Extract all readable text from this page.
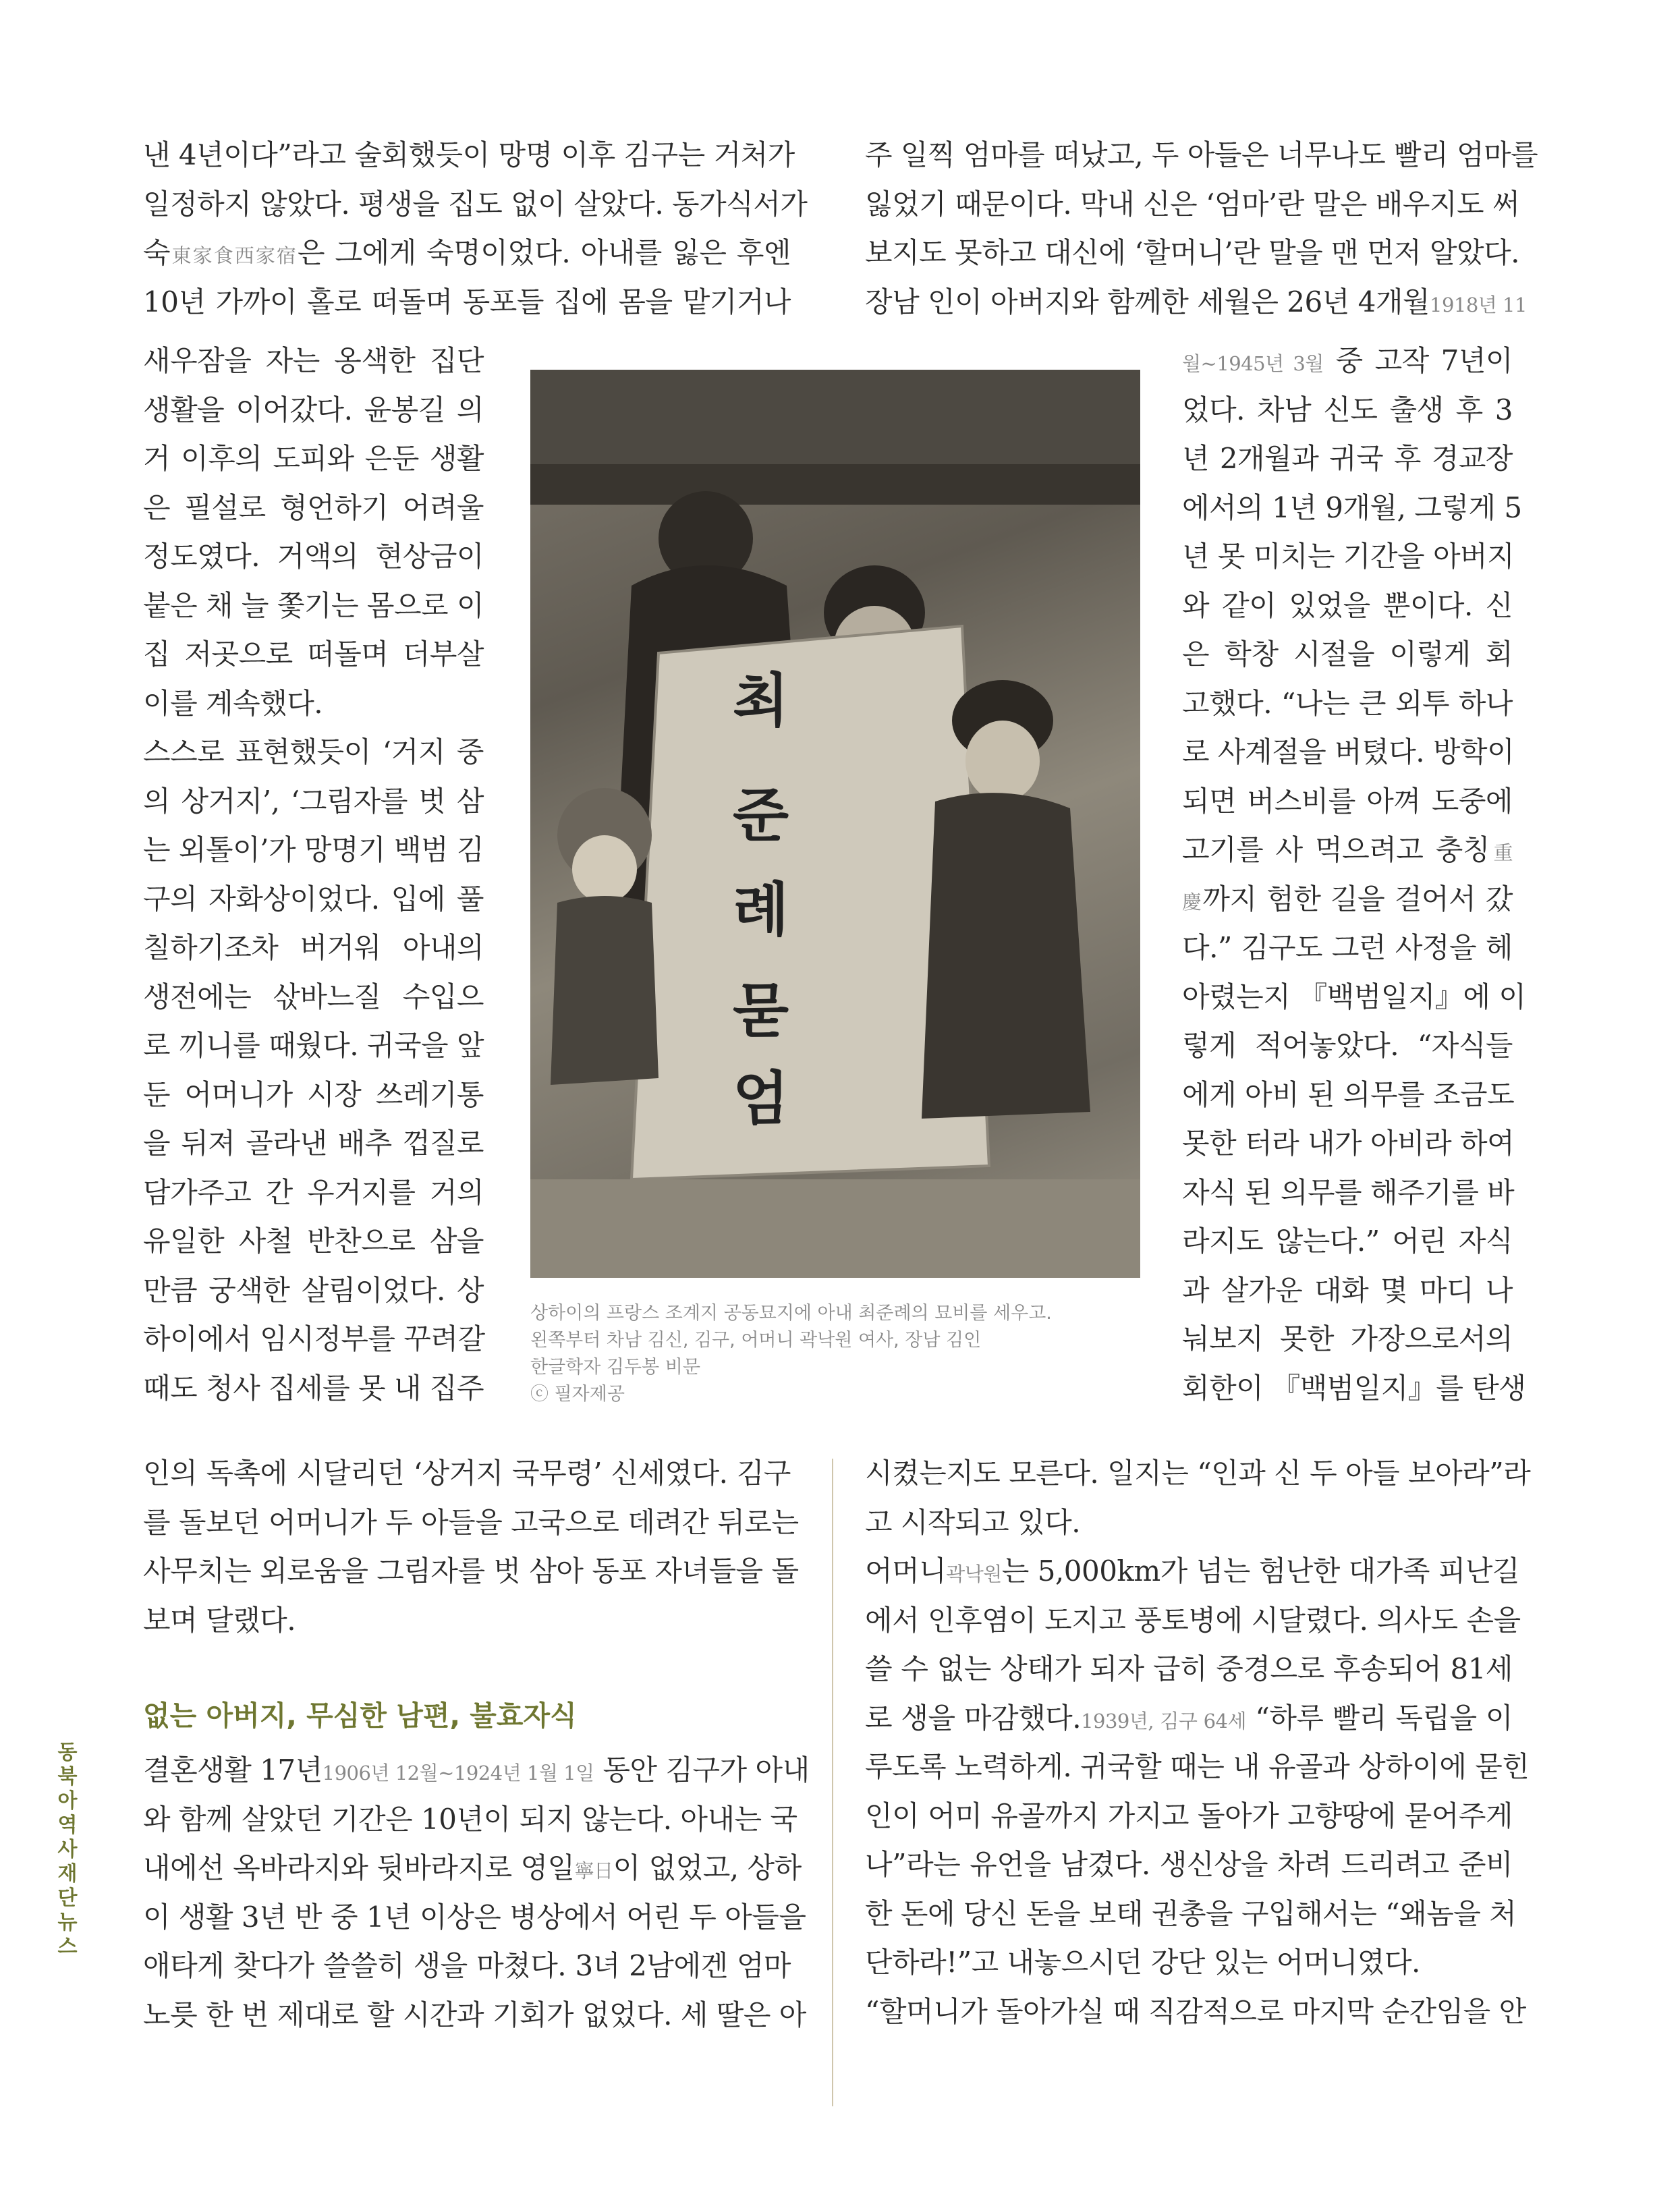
동북아역사재단 뉴스
낸 4년이다”라고 술회했듯이 망명 이후 김구는 거처가
일정하지 않았다. 평생을 집도 없이 살았다. 동가식서가
숙東家食西家宿은 그에게 숙명이었다. 아내를 잃은 후엔
10년 가까이 홀로 떠돌며 동포들 집에 몸을 맡기거나
새우잠을 자는 옹색한 집단
생활을 이어갔다. 윤봉길 의
거 이후의 도피와 은둔 생활
은 필설로 형언하기 어려울
정도였다. 거액의 현상금이
붙은 채 늘 쫓기는 몸으로 이
집 저곳으로 떠돌며 더부살
이를 계속했다.
스스로 표현했듯이 ‘거지 중
의 상거지’, ‘그림자를 벗 삼
는 외톨이’가 망명기 백범 김
구의 자화상이었다. 입에 풀
칠하기조차 버거워 아내의
생전에는 삯바느질 수입으
로 끼니를 때웠다. 귀국을 앞
둔 어머니가 시장 쓰레기통
을 뒤져 골라낸 배추 껍질로
담가주고 간 우거지를 거의
유일한 사철 반찬으로 삼을
만큼 궁색한 살림이었다. 상
하이에서 임시정부를 꾸려갈
때도 청사 집세를 못 내 집주
인의 독촉에 시달리던 ‘상거지 국무령’ 신세였다. 김구
를 돌보던 어머니가 두 아들을 고국으로 데려간 뒤로는
사무치는 외로움을 그림자를 벗 삼아 동포 자녀들을 돌
보며 달랬다.
없는 아버지, 무심한 남편, 불효자식
결혼생활 17년1906년 12월~1924년 1월 1일 동안 김구가 아내
와 함께 살았던 기간은 10년이 되지 않는다. 아내는 국
내에선 옥바라지와 뒷바라지로 영일寧日이 없었고, 상하
이 생활 3년 반 중 1년 이상은 병상에서 어린 두 아들을
애타게 찾다가 쓸쓸히 생을 마쳤다. 3녀 2남에겐 엄마
노릇 한 번 제대로 할 시간과 기회가 없었다. 세 딸은 아
주 일찍 엄마를 떠났고, 두 아들은 너무나도 빨리 엄마를
잃었기 때문이다. 막내 신은 ‘엄마’란 말은 배우지도 써
보지도 못하고 대신에 ‘할머니’란 말을 맨 먼저 알았다.
장남 인이 아버지와 함께한 세월은 26년 4개월1918년 11
월~1945년 3월 중 고작 7년이
었다. 차남 신도 출생 후 3
년 2개월과 귀국 후 경교장
에서의 1년 9개월, 그렇게 5
년 못 미치는 기간을 아버지
와 같이 있었을 뿐이다. 신
은 학창 시절을 이렇게 회
고했다. “나는 큰 외투 하나
로 사계절을 버텼다. 방학이
되면 버스비를 아껴 도중에
고기를 사 먹으려고 충칭重
慶까지 험한 길을 걸어서 갔
다.” 김구도 그런 사정을 헤
아렸는지 『백범일지』에 이
렇게 적어놓았다. “자식들
에게 아비 된 의무를 조금도
못한 터라 내가 아비라 하여
자식 된 의무를 해주기를 바
라지도 않는다.” 어린 자식
과 살가운 대화 몇 마디 나
눠보지 못한 가장으로서의
회한이 『백범일지』를 탄생
시켰는지도 모른다. 일지는 “인과 신 두 아들 보아라”라
고 시작되고 있다.
어머니곽낙원는 5,000km가 넘는 험난한 대가족 피난길
에서 인후염이 도지고 풍토병에 시달렸다. 의사도 손을
쓸 수 없는 상태가 되자 급히 중경으로 후송되어 81세
로 생을 마감했다.1939년, 김구 64세 “하루 빨리 독립을 이
루도록 노력하게. 귀국할 때는 내 유골과 상하이에 묻힌
인이 어미 유골까지 가지고 돌아가 고향땅에 묻어주게
나”라는 유언을 남겼다. 생신상을 차려 드리려고 준비
한 돈에 당신 돈을 보태 권총을 구입해서는 “왜놈을 처
단하라!”고 내놓으시던 강단 있는 어머니였다.
“할머니가 돌아가실 때 직감적으로 마지막 순간임을 안
최
준
례
묻
엄
상하이의 프랑스 조계지 공동묘지에 아내 최준례의 묘비를 세우고.
왼쪽부터 차남 김신, 김구, 어머니 곽낙원 여사, 장남 김인
한글학자 김두봉 비문
ⓒ 필자제공
